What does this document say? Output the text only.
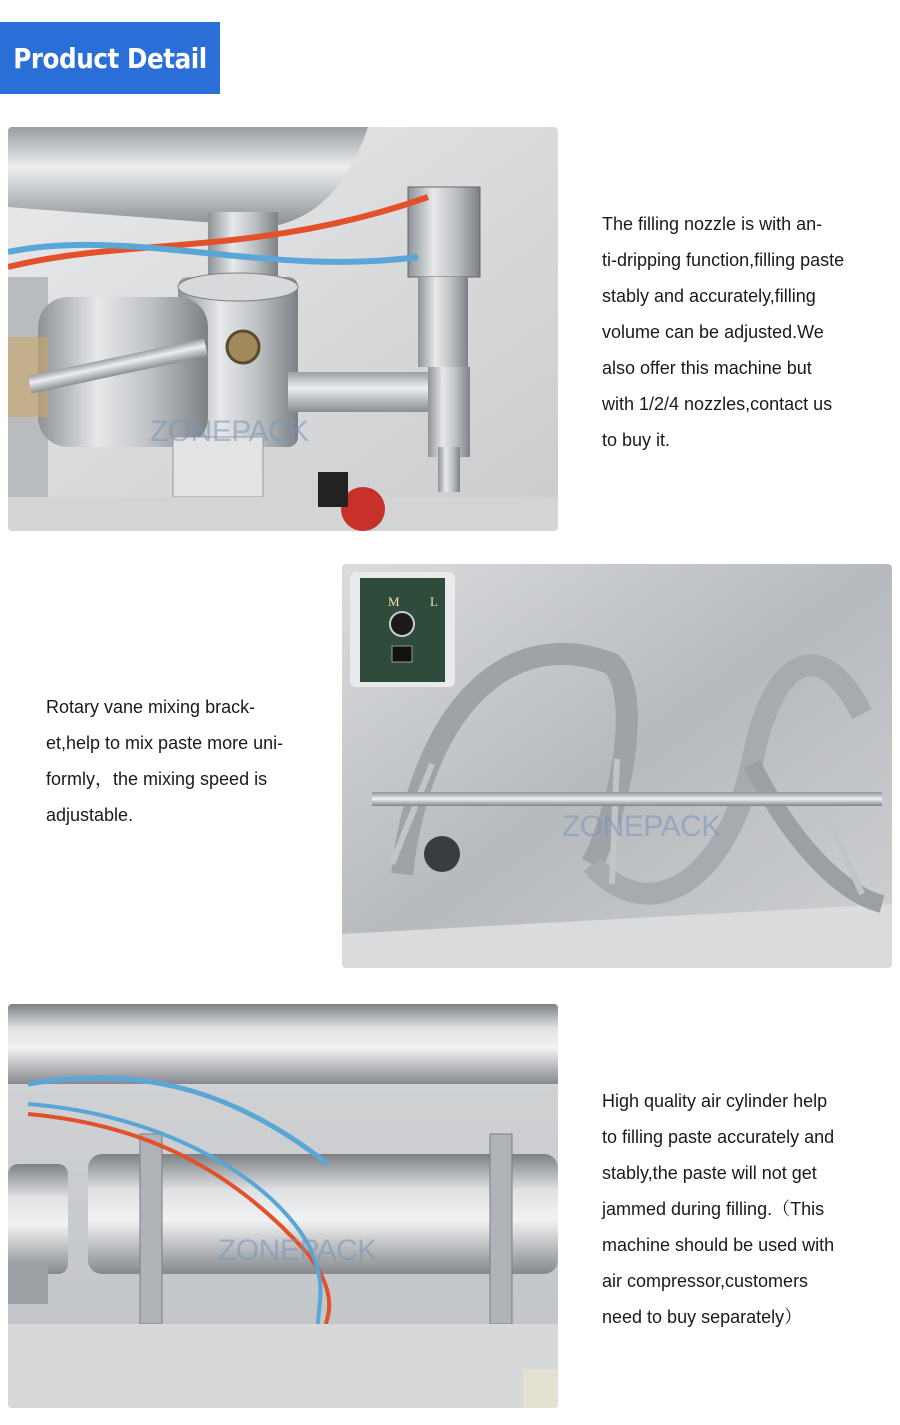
Product Detail
ZONEPACK
The filling nozzle is with an-
ti-dripping function,filling paste
stably and accurately,filling
volume can be adjusted.We
also offer this machine but
with 1/2/4 nozzles,contact us
to buy it.
Rotary vane mixing brack-
et,help to mix paste more uni-
formly，the mixing speed is
adjustable.
M L
ZONEPACK
ZONEPACK
High quality air cylinder help
to filling paste accurately and
stably,the paste will not get
jammed during filling.（This
machine should be used with
air compressor,customers
need to buy separately）
